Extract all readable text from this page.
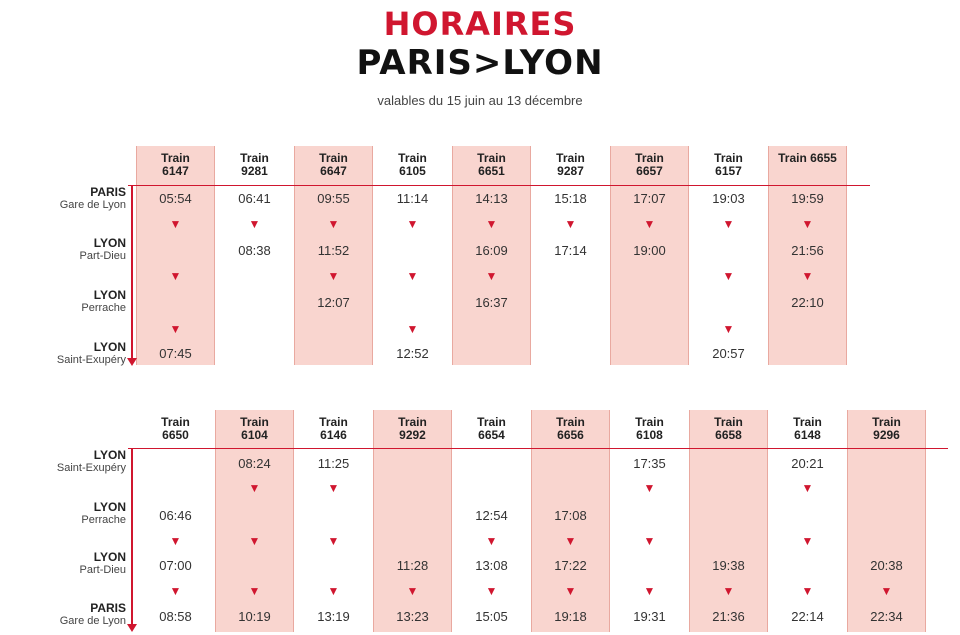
HORAIRES
PARIS>LYON
valables du 15 juin au 13 décembre
Train
6147
05:54
07:45
▼
▼
▼
Train
9281
06:41
08:38
▼
Train
6647
09:55
11:52
12:07
▼
▼
Train
6105
11:14
12:52
▼
▼
▼
Train
6651
14:13
16:09
16:37
▼
▼
Train
9287
15:18
17:14
▼
Train
6657
17:07
19:00
▼
Train
6157
19:03
20:57
▼
▼
▼
Train 6655
19:59
21:56
22:10
▼
▼
PARIS
Gare de Lyon
LYON
Part-Dieu
LYON
Perrache
LYON
Saint-Exupéry
Train
6650
06:46
07:00
08:58
▼
▼
Train
6104
08:24
10:19
▼
▼
▼
Train
6146
11:25
13:19
▼
▼
▼
Train
9292
11:28
13:23
▼
Train
6654
12:54
13:08
15:05
▼
▼
Train
6656
17:08
17:22
19:18
▼
▼
Train
6108
17:35
19:31
▼
▼
▼
Train
6658
19:38
21:36
▼
Train
6148
20:21
22:14
▼
▼
▼
Train
9296
20:38
22:34
▼
LYON
Saint-Exupéry
LYON
Perrache
LYON
Part-Dieu
PARIS
Gare de Lyon
